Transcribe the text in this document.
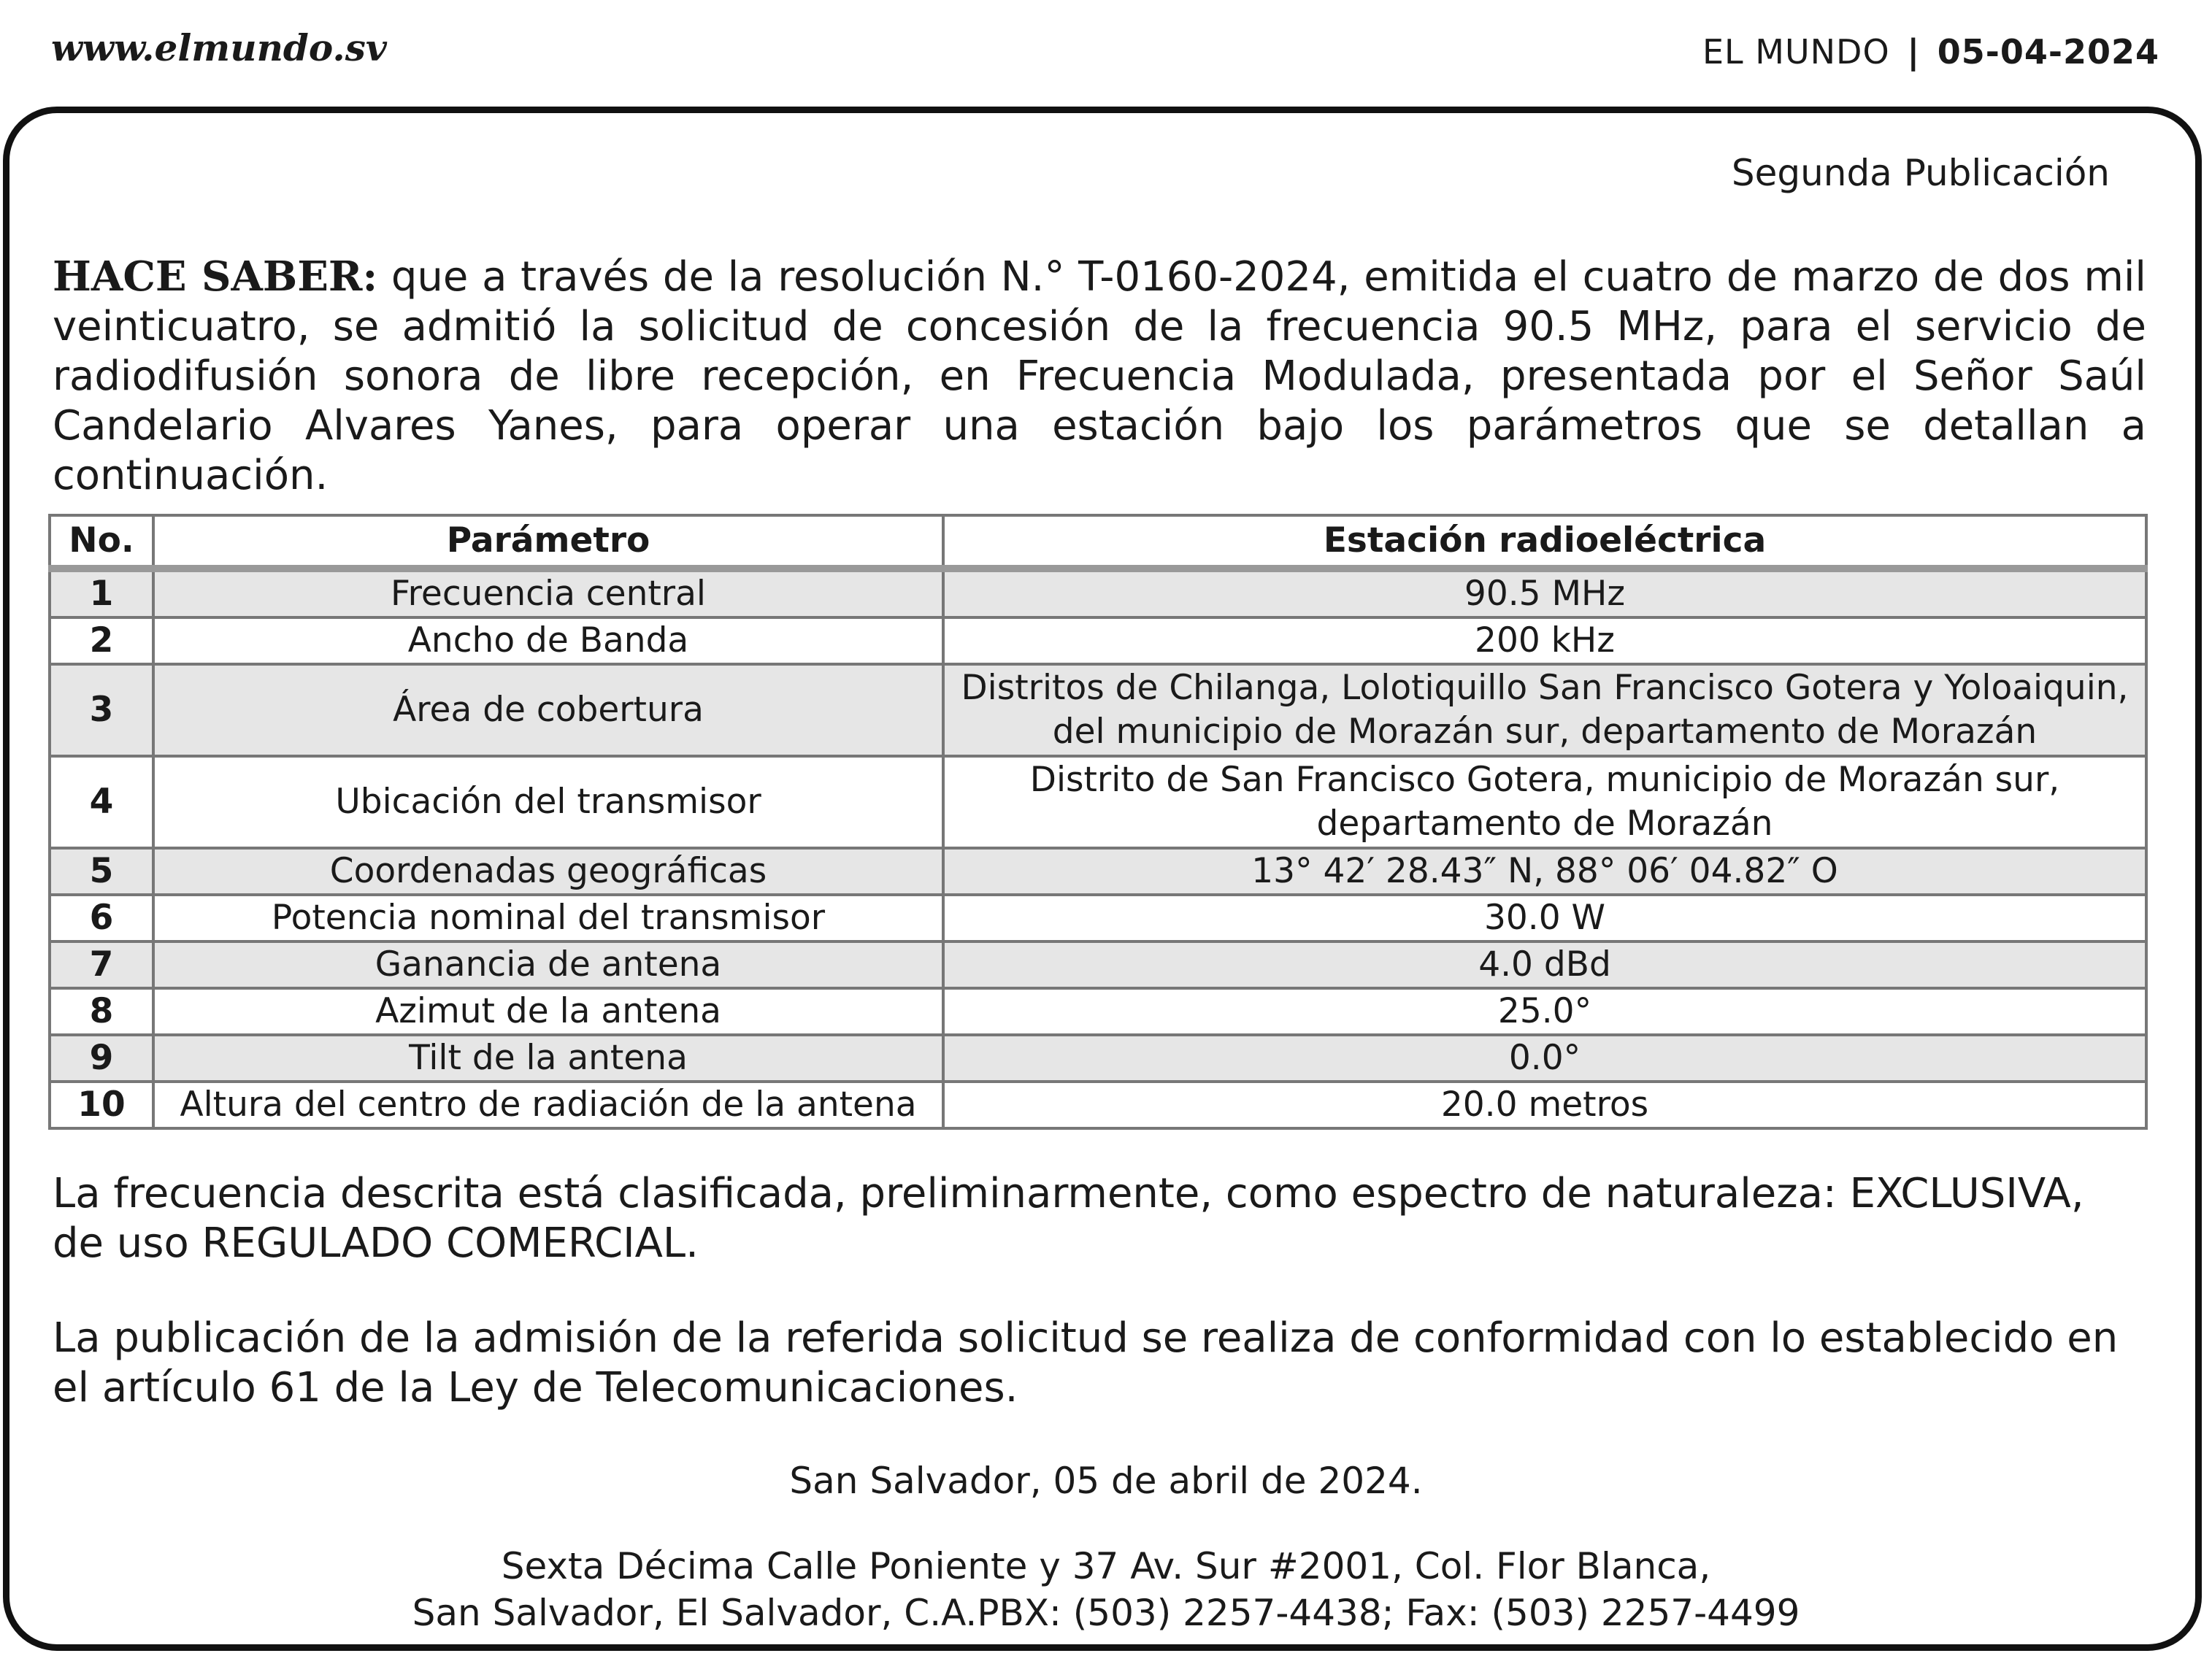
www.elmundo.sv	EL MUNDO | 05-04-2024
Segunda Publicación
HACE SABER: que a través de la resolución N.° T-0160-2024, emitida el cuatro de marzo de dos mil veinticuatro, se admitió la solicitud de concesión de la frecuencia 90.5 MHz, para el servicio de radiodifusión sonora de libre recepción, en Frecuencia Modulada, presentada por el Señor Saúl Candelario Alvares Yanes, para operar una estación bajo los parámetros que se detallan a continuación.
No.	Parámetro	Estación radioeléctrica
1	Frecuencia central	90.5 MHz
2	Ancho de Banda	200 kHz
3	Área de cobertura	Distritos de Chilanga, Lolotiquillo San Francisco Gotera y Yoloaiquin,
del municipio de Morazán sur, departamento de Morazán

4	Ubicación del transmisor	Distrito de San Francisco Gotera, municipio de Morazán sur,
departamento de Morazán

5	Coordenadas geográficas	13° 42′ 28.43″ N, 88° 06′ 04.82″ O
6	Potencia nominal del transmisor	30.0 W
7	Ganancia de antena	4.0 dBd
8	Azimut de la antena	25.0°
9	Tilt de la antena	0.0°
10	Altura del centro de radiación de la antena	20.0 metros
La frecuencia descrita está clasificada, preliminarmente, como espectro de naturaleza: EXCLUSIVA, de uso REGULADO COMERCIAL.
La publicación de la admisión de la referida solicitud se realiza de conformidad con lo establecido en el artículo 61 de la Ley de Telecomunicaciones.
San Salvador, 05 de abril de 2024.
Sexta Décima Calle Poniente y 37 Av. Sur #2001, Col. Flor Blanca,
San Salvador, El Salvador, C.A.PBX: (503) 2257-4438; Fax: (503) 2257-4499
